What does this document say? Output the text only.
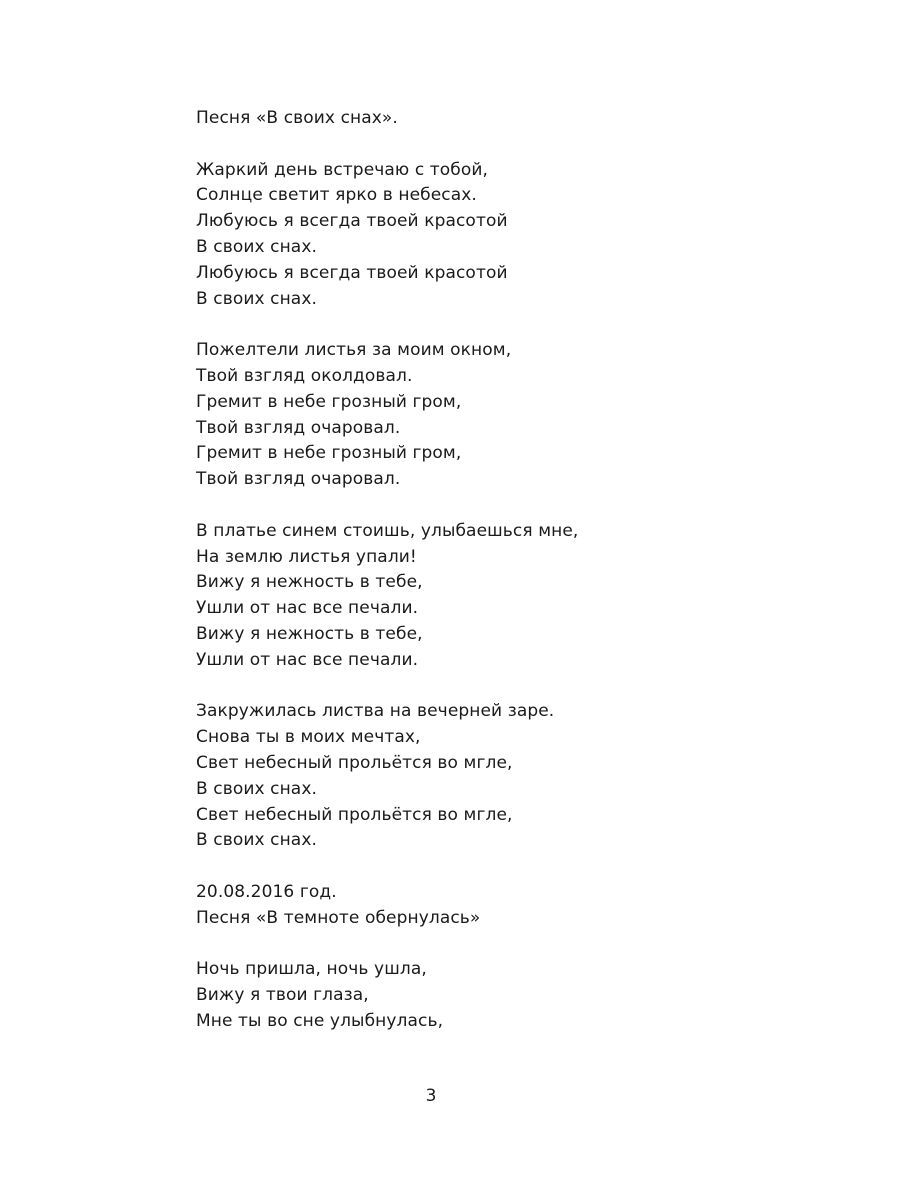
Песня «В своих снах».
Жаркий день встречаю с тобой,
Солнце светит ярко в небесах.
Любуюсь я всегда твоей красотой
В своих снах.
Любуюсь я всегда твоей красотой
В своих снах.
Пожелтели листья за моим окном,
Твой взгляд околдовал.
Гремит в небе грозный гром,
Твой взгляд очаровал.
Гремит в небе грозный гром,
Твой взгляд очаровал.
В платье синем стоишь, улыбаешься мне,
На землю листья упали!
Вижу я нежность в тебе,
Ушли от нас все печали.
Вижу я нежность в тебе,
Ушли от нас все печали.
Закружилась листва на вечерней заре.
Снова ты в моих мечтах,
Свет небесный прольётся во мгле,
В своих снах.
Свет небесный прольётся во мгле,
В своих снах.
20.08.2016 год.
Песня «В темноте обернулась»
Ночь пришла, ночь ушла,
Вижу я твои глаза,
Мне ты во сне улыбнулась,
3
